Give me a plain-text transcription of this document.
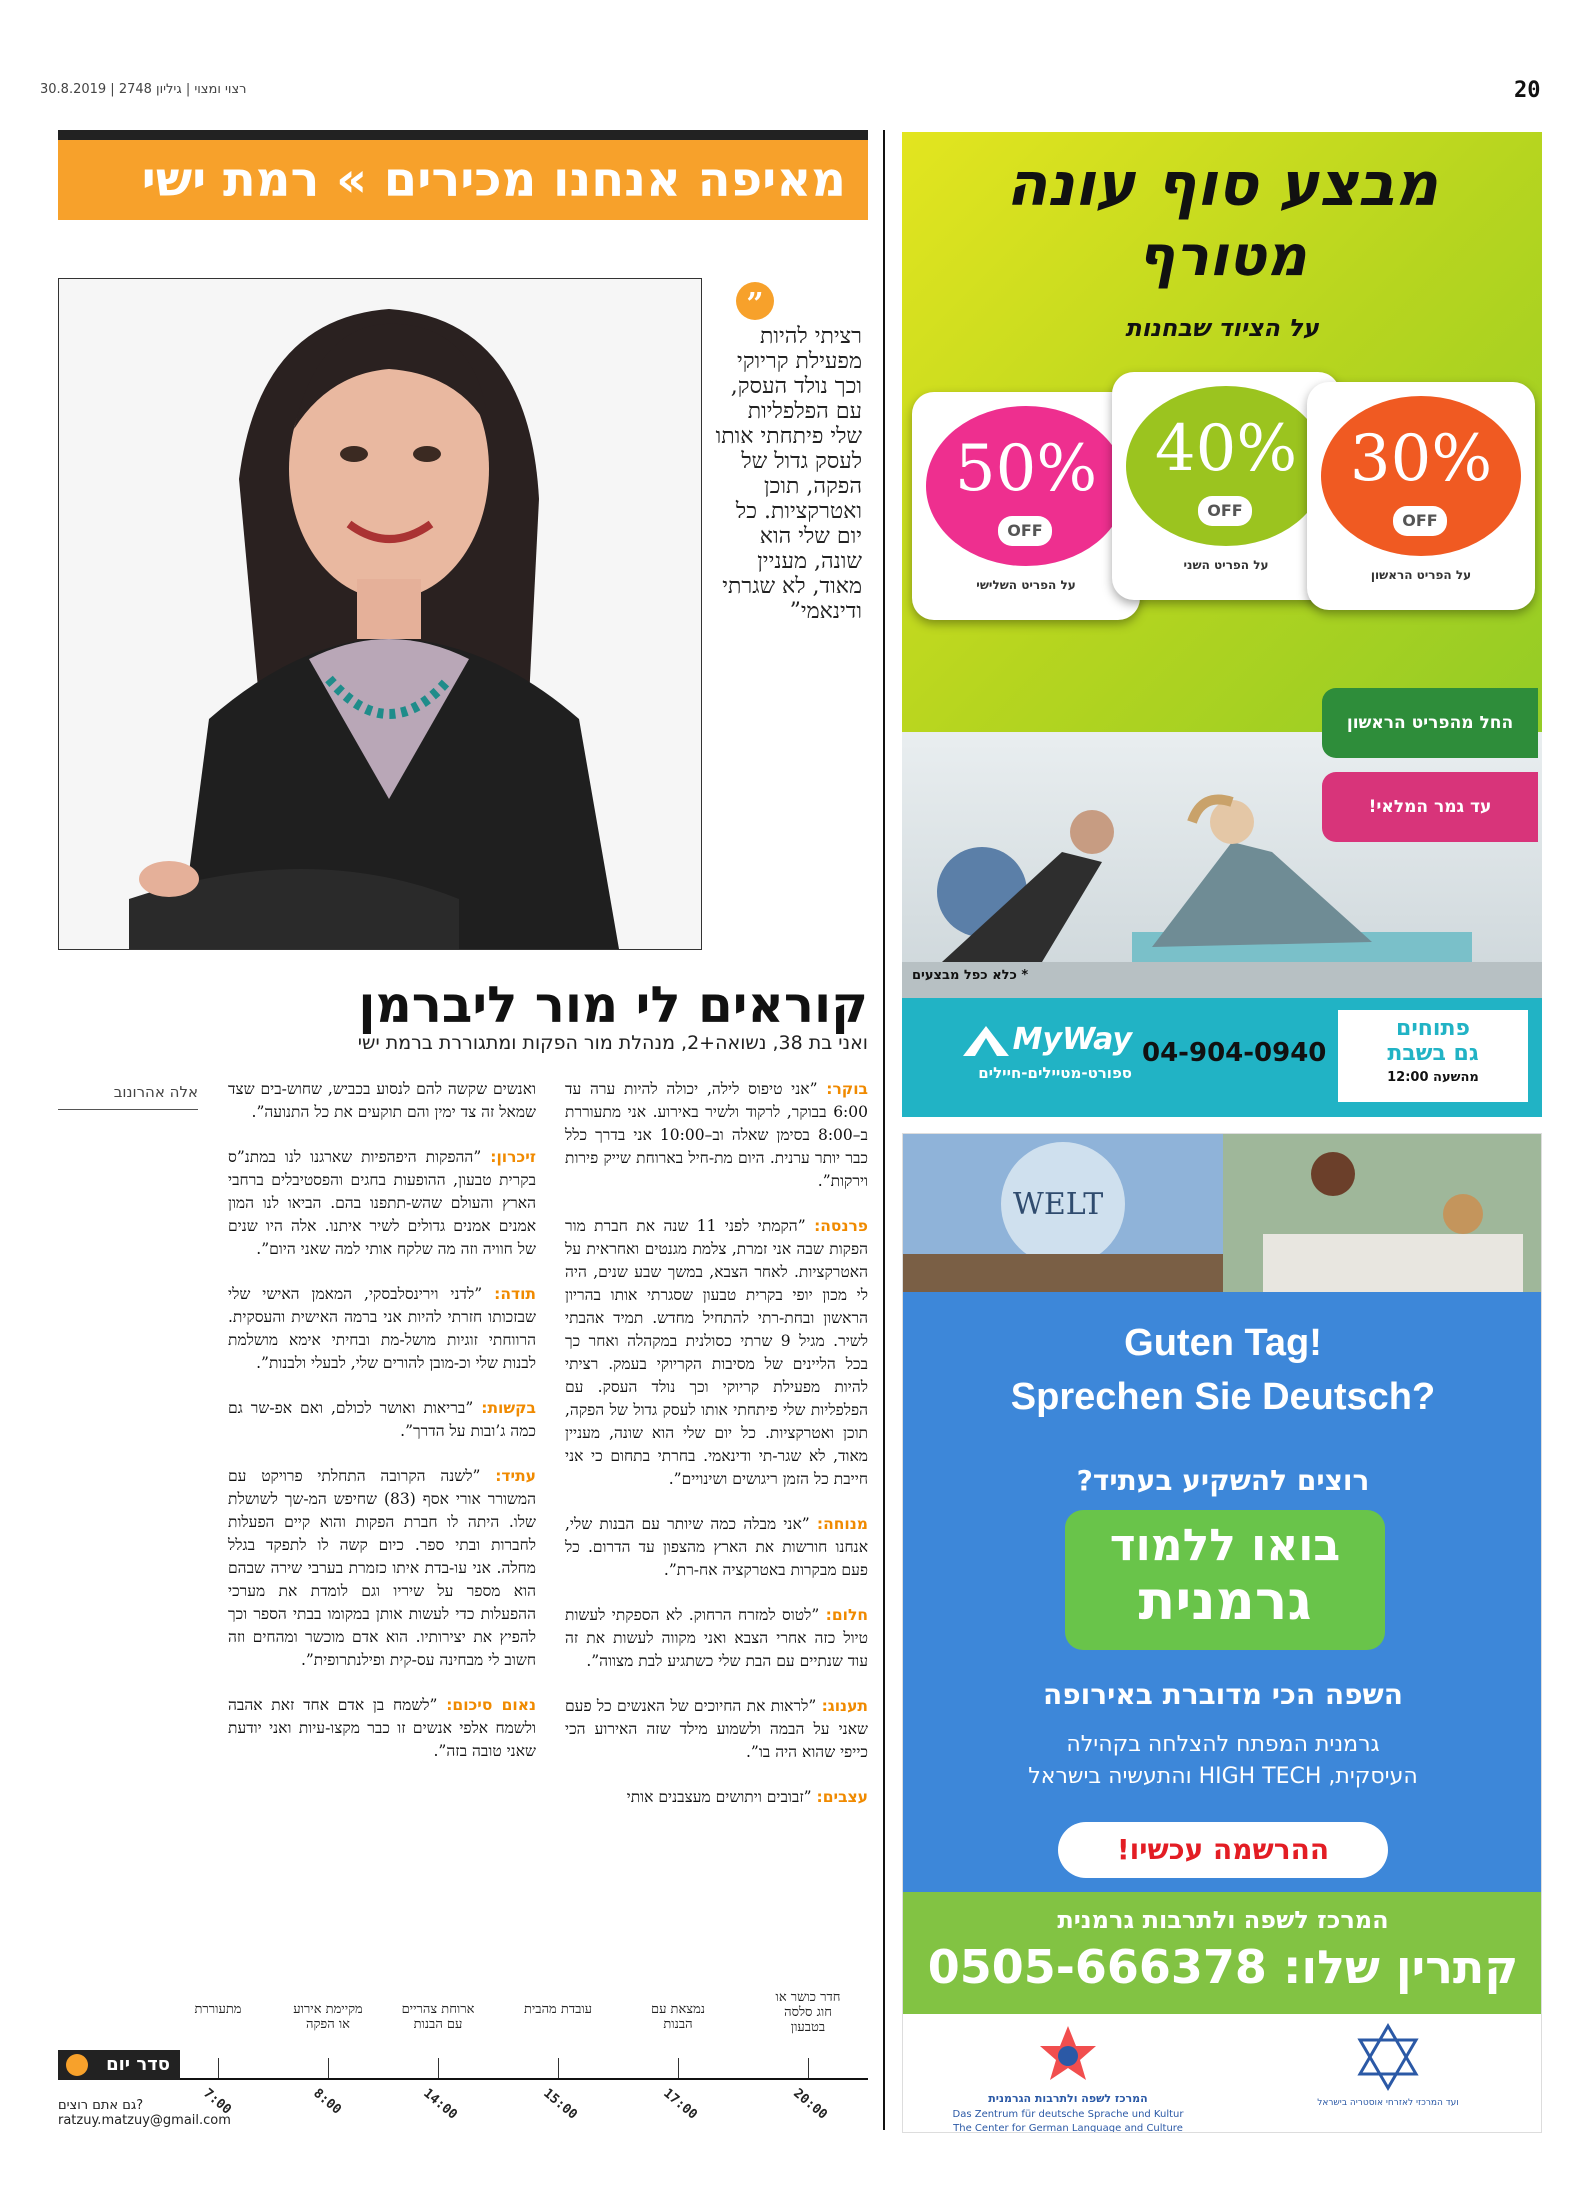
20
רצוי ומצוי | גיליון 2748 | 30.8.2019
מאיפה אנחנו מכירים » רמת ישי
”
רציתי להיות מפעילת קריוקי וכך נולד העסק, עם הפלפליות שלי פיתחתי אותו לעסק גדול של הפקה, תוכן ואטרקציות. כל יום שלי הוא שונה, מעניין מאוד, לא שגרתי ודינאמי”
קוראים לי מור ליברמן
ואני בת 38, נשואה+2, מנהלת מור הפקות ומתגוררת ברמת ישי
אלה אהרונוב	בוקר: ”אני טיפוס לילה, יכולה להיות ערה עד 6:00 בבוקר, לרקוד ולשיר באירוע. אני מתעוררת ב–8:00 בסימן שאלה וב–10:00 אני בדרך כלל כבר יותר ערנית. היום מת-חיל בארוחת שייק פירות וירקות”.

פרנסה: ”הקמתי לפני 11 שנה את חברת מור הפקות שבה אני זמרת, צלמת מגנטים ואחראית על האטרקציות. לאחר הצבא, במשך שבע שנים, היה לי מכון יופי בקרית טבעון שסגרתי אותו בהריון הראשון ובחת-רתי להתחיל מחדש. תמיד אהבתי לשיר. מגיל 9 שרתי כסולנית במקהלה ואחר כך בכל הליינים של מסיבות הקריוקי בעמק. רציתי להיות מפעילת קריוקי וכך נולד העסק. עם הפלפליות שלי פיתחתי אותו לעסק גדול של הפקה, תוכן ואטרקציות. כל יום שלי הוא שונה, מעניין מאוד, לא שגר-תי ודינאמי. בחרתי בתחום כי אני חייבת כל הזמן ריגושים ושינויים”.

מנוחה: ”אני מבלה כמה שיותר עם הבנות שלי, אנחנו חורשות את הארץ מהצפון עד הדרום. כל פעם מבקרות באטרקציה אח-רת”.

חלום: ”לטוס למזרח הרחוק. לא הספקתי לעשות טיול כזה אחרי הצבא ואני מקווה לעשות את זה עוד שנתיים עם הבת שלי כשתגיע לבת מצווה”.

תענוג: ”לראות את החיוכים של האנשים כל פעם שאני על הבמה ולשמוע מילד שזה האירוע הכי כייפי שהוא היה בו”.

עצבים: ”זבובים ויתושים מעצבנים אותי

ואנשים שקשה להם לנסוע בכביש, שחוש-בים שצד שמאל זה צד ימין והם תוקעים את כל התנועה”.

זיכרון: ”ההפקות היפהפיות שארגנו לנו במתנ”ס בקרית טבעון, ההופעות בחגים והפסטיבלים ברחבי הארץ והעולם שהש-תתפנו בהם. הביאו לנו המון אמנים אמנים גדולים לשיר איתנו. אלה היו שנים של חוויה וזה מה שלקח אותי למה שאני היום”.

תודה: ”לדני וירינסלבסקי, המאמן האישי שלי שבזכותו חזרתי להיות אני ברמה האישית והעסקית. הרווחתי זוגיות מושל-מת ובחיתי אימא מושלמת לבנות שלי וכ-מובן להורים שלי, לבעלי ולבנות”.

בקשות: ”בריאות ואושר לכולם, ואם אפ-שר גם כמה ג’ובות על הדרך”.

עתיד: ”לשנה הקרובה התחלתי פרויקט עם המשורר אורי אסף (83) שחיפש המ-שך לשושלת שלו. היתה לו חברת הפקות והוא קיים הפעלות לחברות ובתי ספר. כיום קשה לו לתפקד בגלל מחלה. אני עו-בדת איתו כזמרת בערבי שירה שבהם הוא מספר על שיריו וגם לומדת את מערכי ההפעלות כדי לעשות אותן במקומו בבתי הספר וכך להפיץ את יצירותיו. הוא אדם מוכשר ומהחים וזה חשוב לי מבחינה עס-קית ופילנתרופית”.

נאום סיכום: ”לשמח בן אדם אחד זאת אהבה ולשמח אלפי אנשים זו כבר מקצו-עיות ואני יודעת שאני טובה בזה”.

סדר יום
גם אתם רוצים?
ratzuy.matzuy@gmail.com
מתעוררת
7:00
מקיימת אירוע או הפקה
8:00
ארוחת צהריים עם הבנות
14:00
עובדת מהבית
15:00
נמצאת עם הבנות
17:00
חדר כושר או חוג סלסה בטבעון
20:00
מבצע סוף עונה
מטורף
על הציוד שבחנות
50%
OFF
על הפריט השלישי
40%
OFF
על הפריט השני
30%
OFF
על הפריט הראשון
החל מהפריט הראשון
עד גמר המלאי!
* כלא כפל מבצעים
פתוחים
גם בשבת
מהשעה 12:00
04-904-0940
MyWay
ספורט-מטיילים-חיילים
WELT
Guten Tag!
Sprechen Sie Deutsch?
רוצים להשקיע בעתיד?
בואו ללמוד
גרמנית
השפה הכי מדוברת באירופה
גרמנית המפתח להצלחה בקהילה
העיסקית, HIGH TECH והתעשיה בישראל
ההרשמה עכשיו!
המרכז לשפה ולתרבות גרמנית
קתרין שלו: 0505-666378
המרכז לשפה ולתרבות הגרמנית
Das Zentrum für deutsche Sprache und Kultur
The Center for German Language and Culture
ועד המרכזי לאזרחי אוסטריה בישראל
